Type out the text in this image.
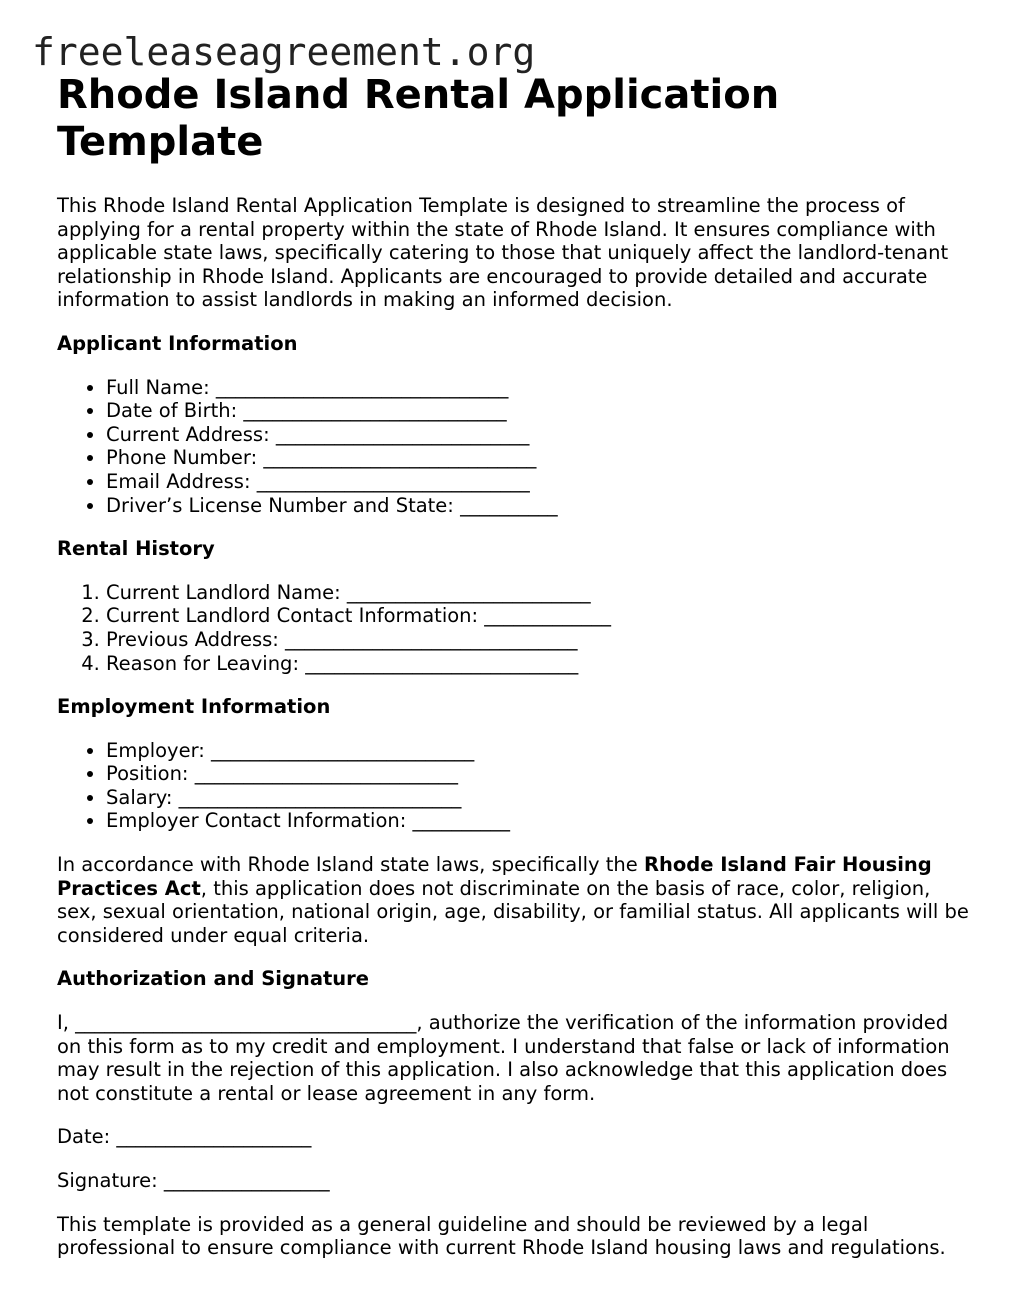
freeleaseagreement.org
Rhode Island Rental Application Template

This Rhode Island Rental Application Template is designed to streamline the process of applying for a rental property within the state of Rhode Island. It ensures compliance with applicable state laws, specifically catering to those that uniquely affect the landlord-tenant relationship in Rhode Island. Applicants are encouraged to provide detailed and accurate information to assist landlords in making an informed decision.

Applicant Information
• Full Name: ______________________________
• Date of Birth: ___________________________
• Current Address: __________________________
• Phone Number: ____________________________
• Email Address: ____________________________
• Driver’s License Number and State: __________
Rental History
1. Current Landlord Name: _________________________
2. Current Landlord Contact Information: _____________
3. Previous Address: ______________________________
4. Reason for Leaving: ____________________________
Employment Information
• Employer: ___________________________
• Position: ___________________________
• Salary: _____________________________
• Employer Contact Information: __________

In accordance with Rhode Island state laws, specifically the Rhode Island Fair Housing Practices Act, this application does not discriminate on the basis of race, color, religion, sex, sexual orientation, national origin, age, disability, or familial status. All applicants will be considered under equal criteria.

Authorization and Signature

I, ___________________________________, authorize the verification of the information provided on this form as to my credit and employment. I understand that false or lack of information may result in the rejection of this application. I also acknowledge that this application does not constitute a rental or lease agreement in any form.

Date: ____________________

Signature: _________________

This template is provided as a general guideline and should be reviewed by a legal professional to ensure compliance with current Rhode Island housing laws and regulations.
